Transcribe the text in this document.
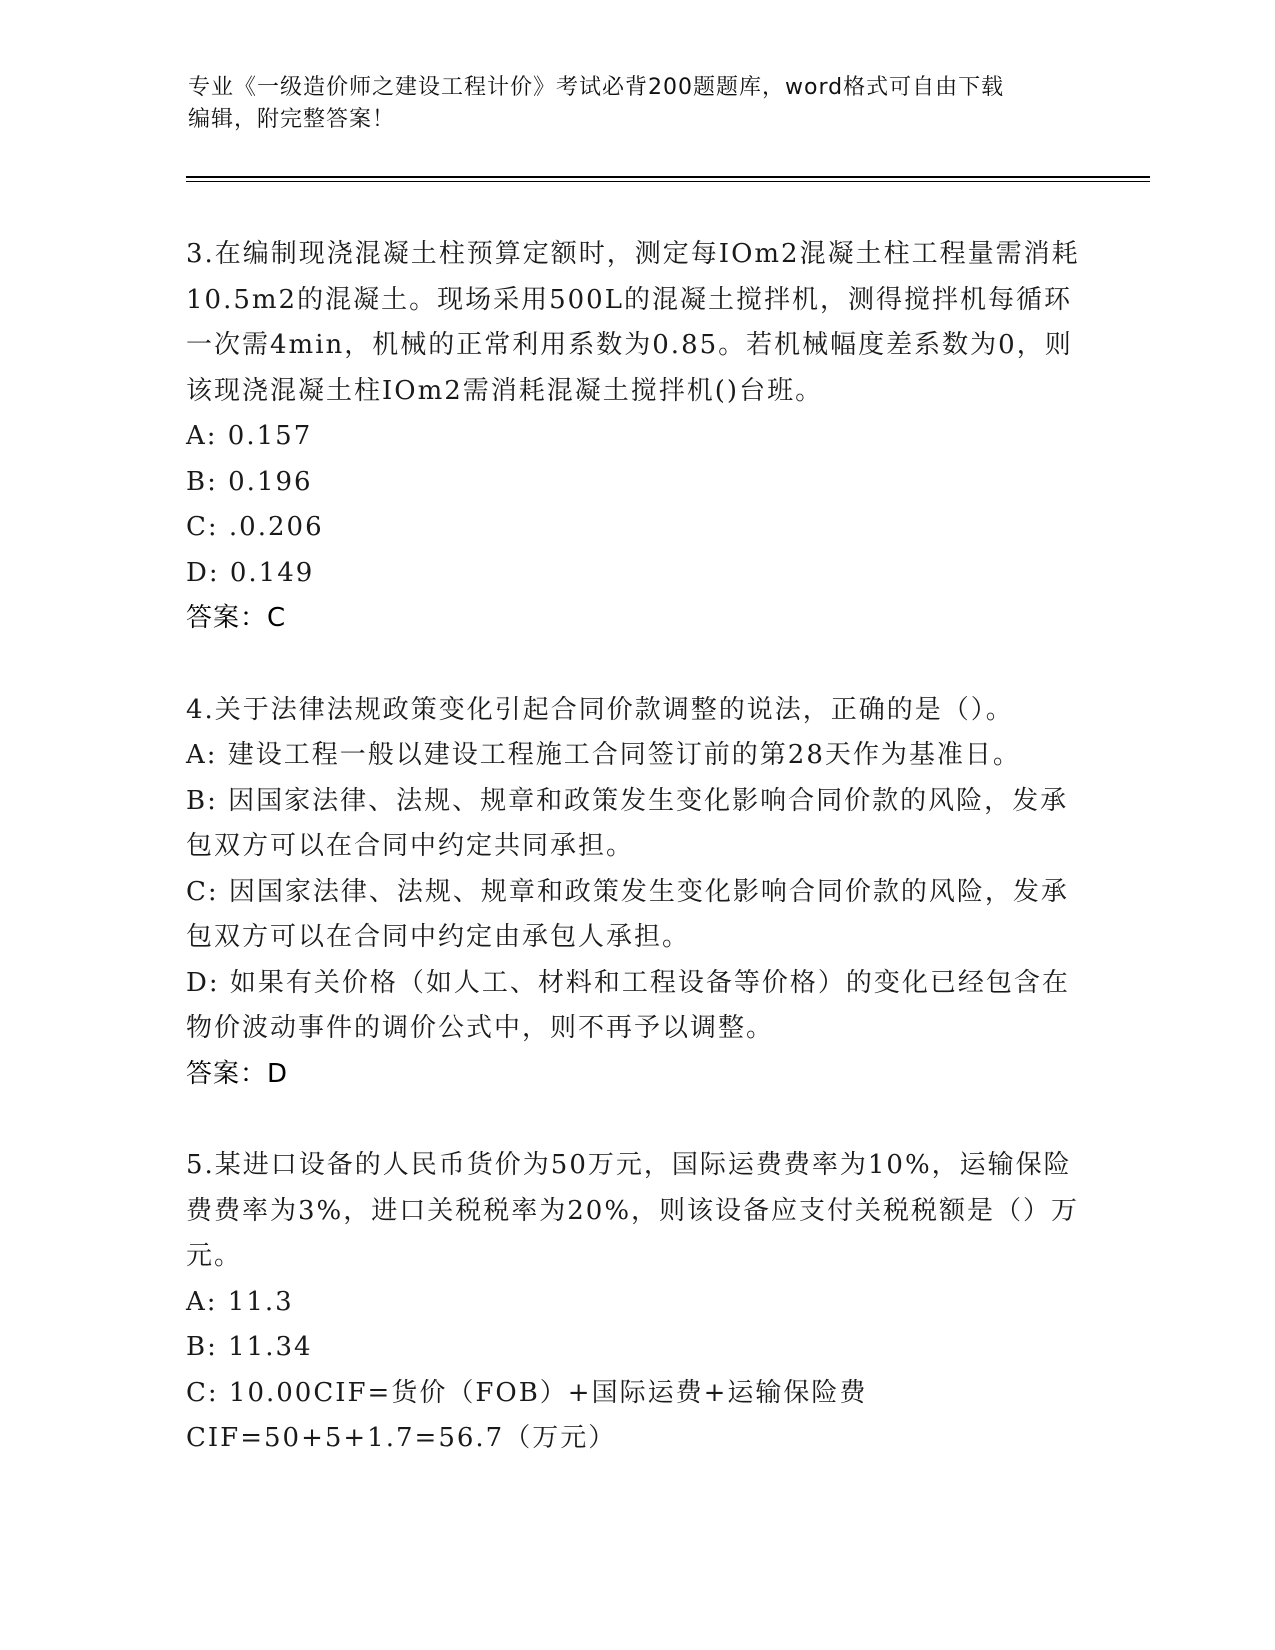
专业《一级造价师之建设工程计价》考试必背200题题库，word格式可自由下载
编辑，附完整答案！

3.在编制现浇混凝土柱预算定额时，测定每IOm2混凝土柱工程量需消耗10.5m2的混凝土。现场采用500L的混凝土搅拌机，测得搅拌机每循环一次需4min，机械的正常利用系数为0.85。若机械幅度差系数为0，则该现浇混凝土柱IOm2需消耗混凝土搅拌机()台班。

A: 0.157

B: 0.196

C: .0.206

D: 0.149

答案：C

4.关于法律法规政策变化引起合同价款调整的说法，正确的是（）。

A: 建设工程一般以建设工程施工合同签订前的第28天作为基准日。

B: 因国家法律、法规、规章和政策发生变化影响合同价款的风险，发承包双方可以在合同中约定共同承担。

C: 因国家法律、法规、规章和政策发生变化影响合同价款的风险，发承包双方可以在合同中约定由承包人承担。

D: 如果有关价格（如人工、材料和工程设备等价格）的变化已经包含在物价波动事件的调价公式中，则不再予以调整。

答案：D

5.某进口设备的人民币货价为50万元，国际运费费率为10%，运输保险费费率为3%，进口关税税率为20%，则该设备应支付关税税额是（）万元。

A: 11.3

B: 11.34

C: 10.00CIF=货价（FOB）+国际运费+运输保险费CIF=50+5+1.7=56.7（万元）
